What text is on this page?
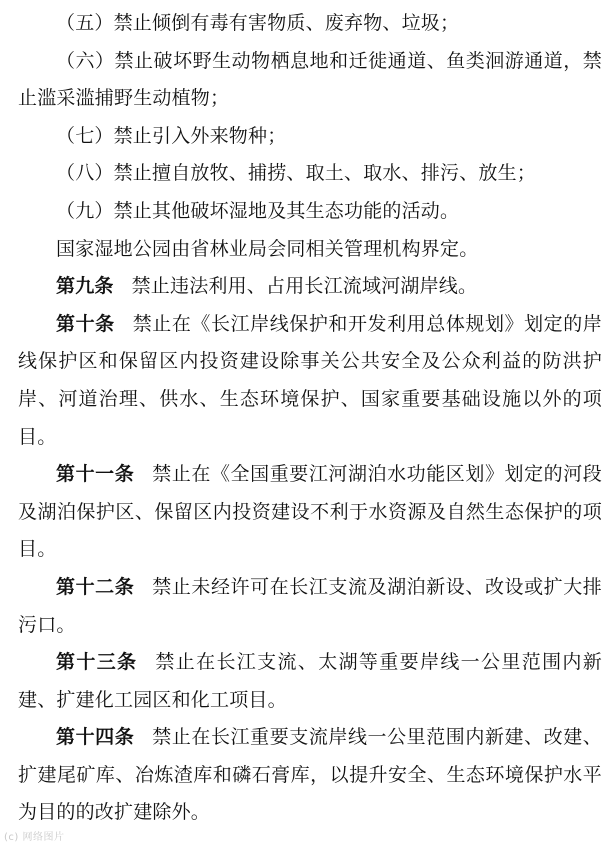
（五）禁止倾倒有毒有害物质、废弃物、垃圾；

（六）禁止破坏野生动物栖息地和迁徙通道、鱼类洄游通道，禁止滥采滥捕野生动植物；

（七）禁止引入外来物种；

（八）禁止擅自放牧、捕捞、取土、取水、排污、放生；

（九）禁止其他破坏湿地及其生态功能的活动。

国家湿地公园由省林业局会同相关管理机构界定。

第九条 禁止违法利用、占用长江流域河湖岸线。

第十条 禁止在《长江岸线保护和开发利用总体规划》划定的岸线保护区和保留区内投资建设除事关公共安全及公众利益的防洪护岸、河道治理、供水、生态环境保护、国家重要基础设施以外的项目。

第十一条 禁止在《全国重要江河湖泊水功能区划》划定的河段及湖泊保护区、保留区内投资建设不利于水资源及自然生态保护的项目。

第十二条 禁止未经许可在长江支流及湖泊新设、改设或扩大排污口。

第十三条 禁止在长江支流、太湖等重要岸线一公里范围内新建、扩建化工园区和化工项目。

第十四条 禁止在长江重要支流岸线一公里范围内新建、改建、扩建尾矿库、冶炼渣库和磷石膏库，以提升安全、生态环境保护水平为目的的改扩建除外。

(c) 网络图片
